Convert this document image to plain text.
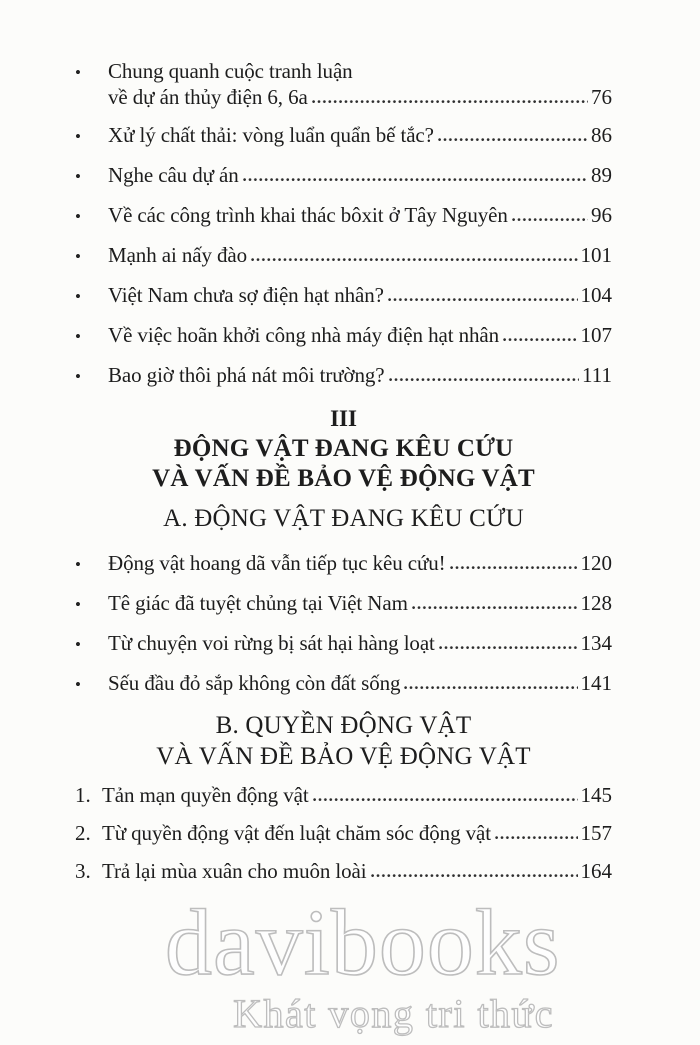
•	Chung quanh cuộc tranh luận
về dự án thủy điện 6, 6a	76
•	Xử lý chất thải: vòng luẩn quẩn bế tắc?	86
•	Nghe câu dự án	89
•	Về các công trình khai thác bôxit ở Tây Nguyên	96
•	Mạnh ai nấy đào	101
•	Việt Nam chưa sợ điện hạt nhân?	104
•	Về việc hoãn khởi công nhà máy điện hạt nhân	107
•	Bao giờ thôi phá nát môi trường?	111
III
ĐỘNG VẬT ĐANG KÊU CỨU
VÀ VẤN ĐỀ BẢO VỆ ĐỘNG VẬT
A. ĐỘNG VẬT ĐANG KÊU CỨU
•	Động vật hoang dã vẫn tiếp tục kêu cứu!	120
•	Tê giác đã tuyệt chủng tại Việt Nam	128
•	Từ chuyện voi rừng bị sát hại hàng loạt	134
•	Sếu đầu đỏ sắp không còn đất sống	141
B. QUYỀN ĐỘNG VẬT
VÀ VẤN ĐỀ BẢO VỆ ĐỘNG VẬT
1. Tản mạn quyền động vật	145
2. Từ quyền động vật đến luật chăm sóc động vật	157
3. Trả lại mùa xuân cho muôn loài	164
davibooks
Khát vọng tri thức
